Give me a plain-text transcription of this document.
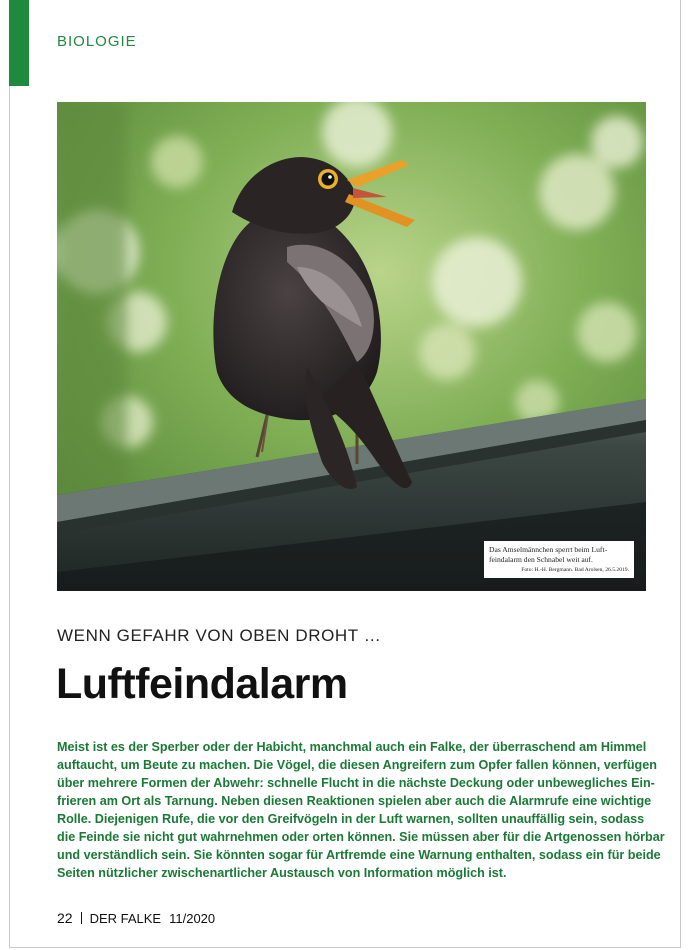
BIOLOGIE
Das Amselmännchen sperrt beim Luft-
feindalarm den Schnabel weit auf.
Foto: H.-H. Bergmann. Bad Arolsen, 26.5.2019.
WENN GEFAHR VON OBEN DROHT …
Luftfeindalarm
Meist ist es der Sperber oder der Habicht, manchmal auch ein Falke, der überraschend am Himmel
auftaucht, um Beute zu machen. Die Vögel, die diesen Angreifern zum Opfer fallen können, verfügen
über mehrere Formen der Abwehr: schnelle Flucht in die nächste Deckung oder unbewegliches Ein-
frieren am Ort als Tarnung. Neben diesen Reaktionen spielen aber auch die Alarmrufe eine wichtige
Rolle. Diejenigen Rufe, die vor den Greifvögeln in der Luft warnen, sollten unauffällig sein, sodass
die Feinde sie nicht gut wahrnehmen oder orten können. Sie müssen aber für die Artgenossen hörbar
und verständlich sein. Sie könnten sogar für Artfremde eine Warnung enthalten, sodass ein für beide
Seiten nützlicher zwischenartlicher Austausch von Information möglich ist.
22 DER FALKE 11/2020
